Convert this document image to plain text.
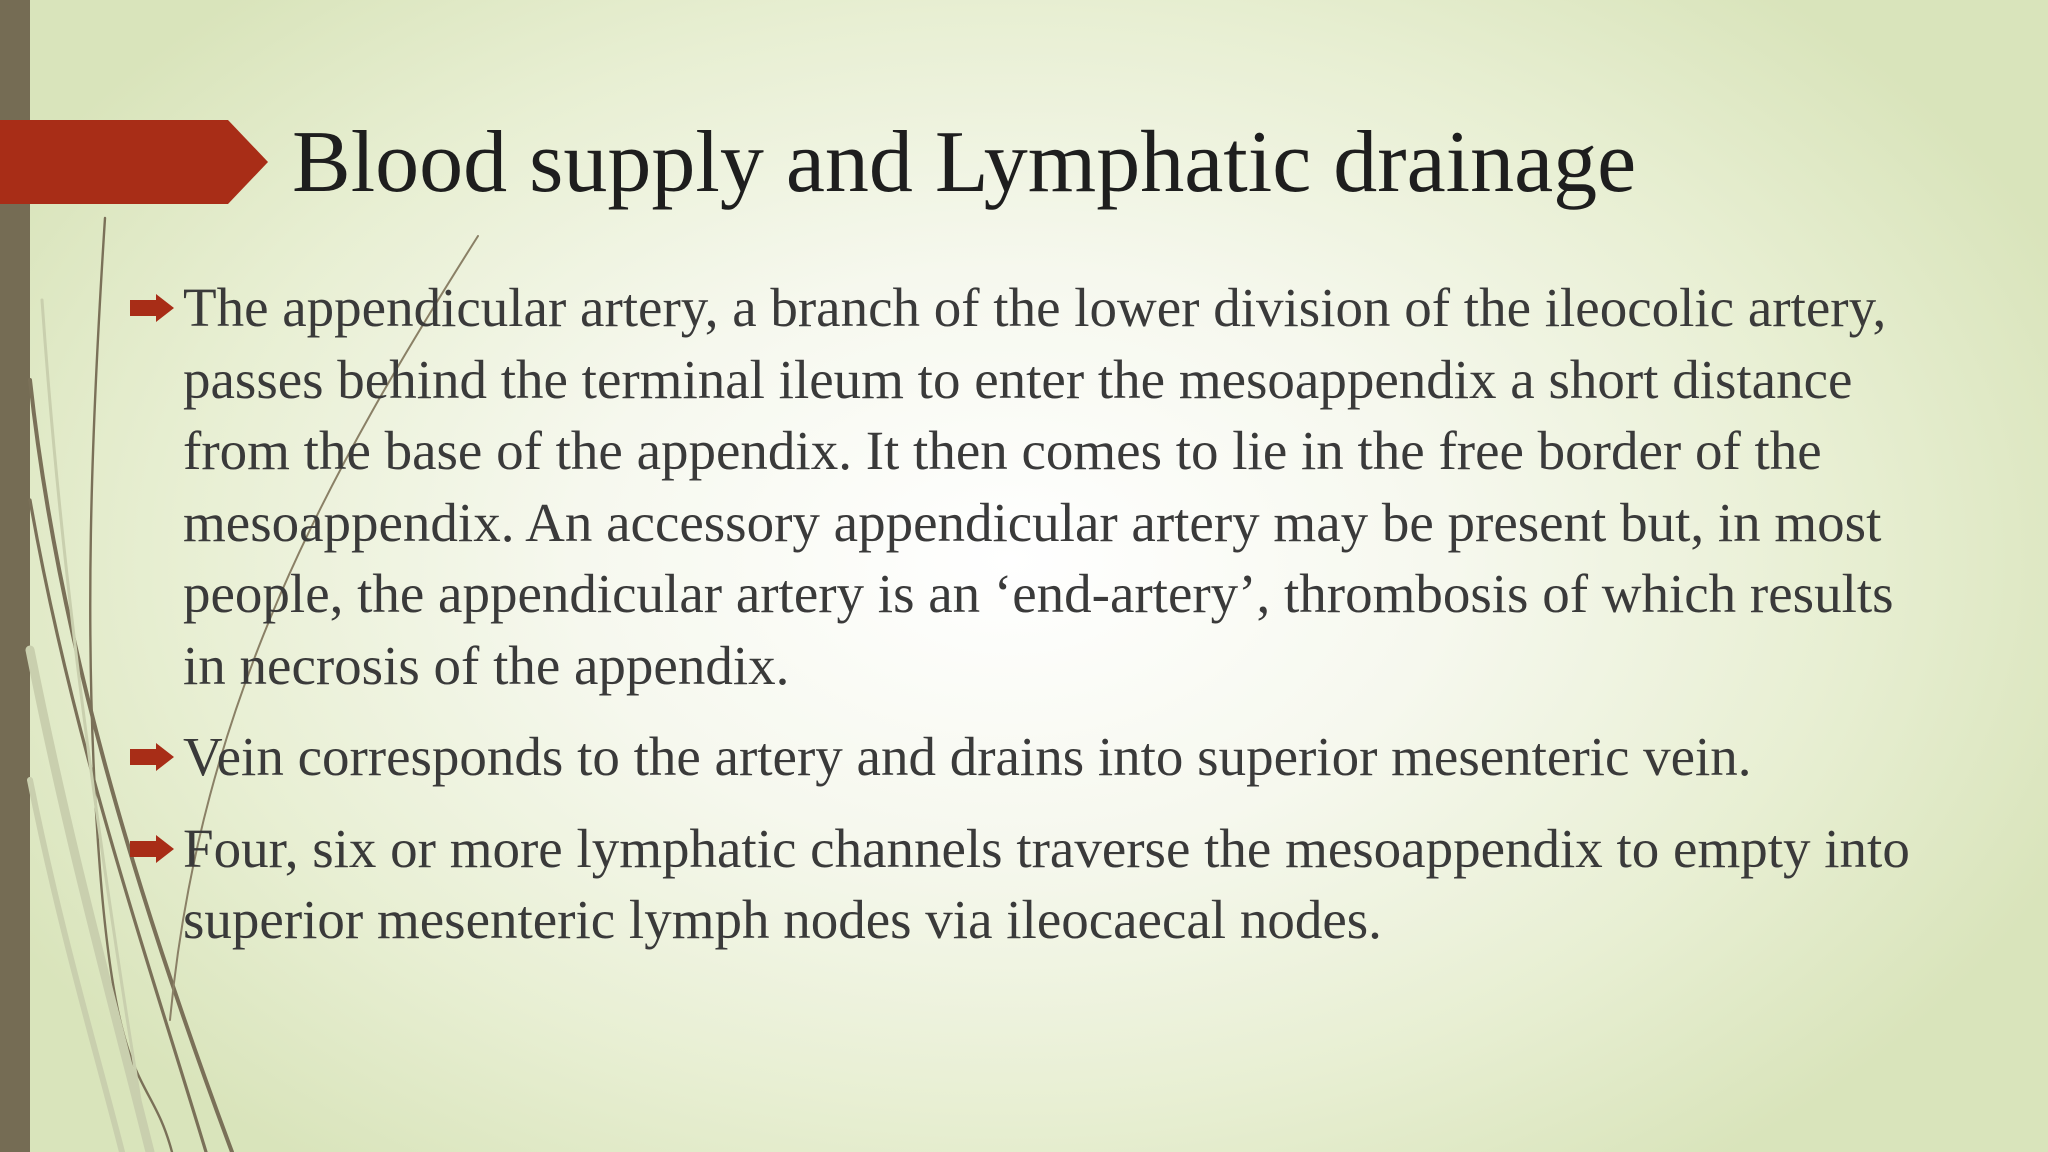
Blood supply and Lymphatic drainage
The appendicular artery, a branch of the lower division of the ileocolic artery, passes behind the terminal ileum to enter the mesoappendix a short distance from the base of the appendix. It then comes to lie in the free border of the mesoappendix. An accessory appendicular artery may be present but, in most people, the appendicular artery is an ‘end-artery’, thrombosis of which results in necrosis of the appendix.
Vein corresponds to the artery and drains into superior mesenteric vein.
Four, six or more lymphatic channels traverse the mesoappendix to empty into superior mesenteric lymph nodes via ileocaecal nodes.
